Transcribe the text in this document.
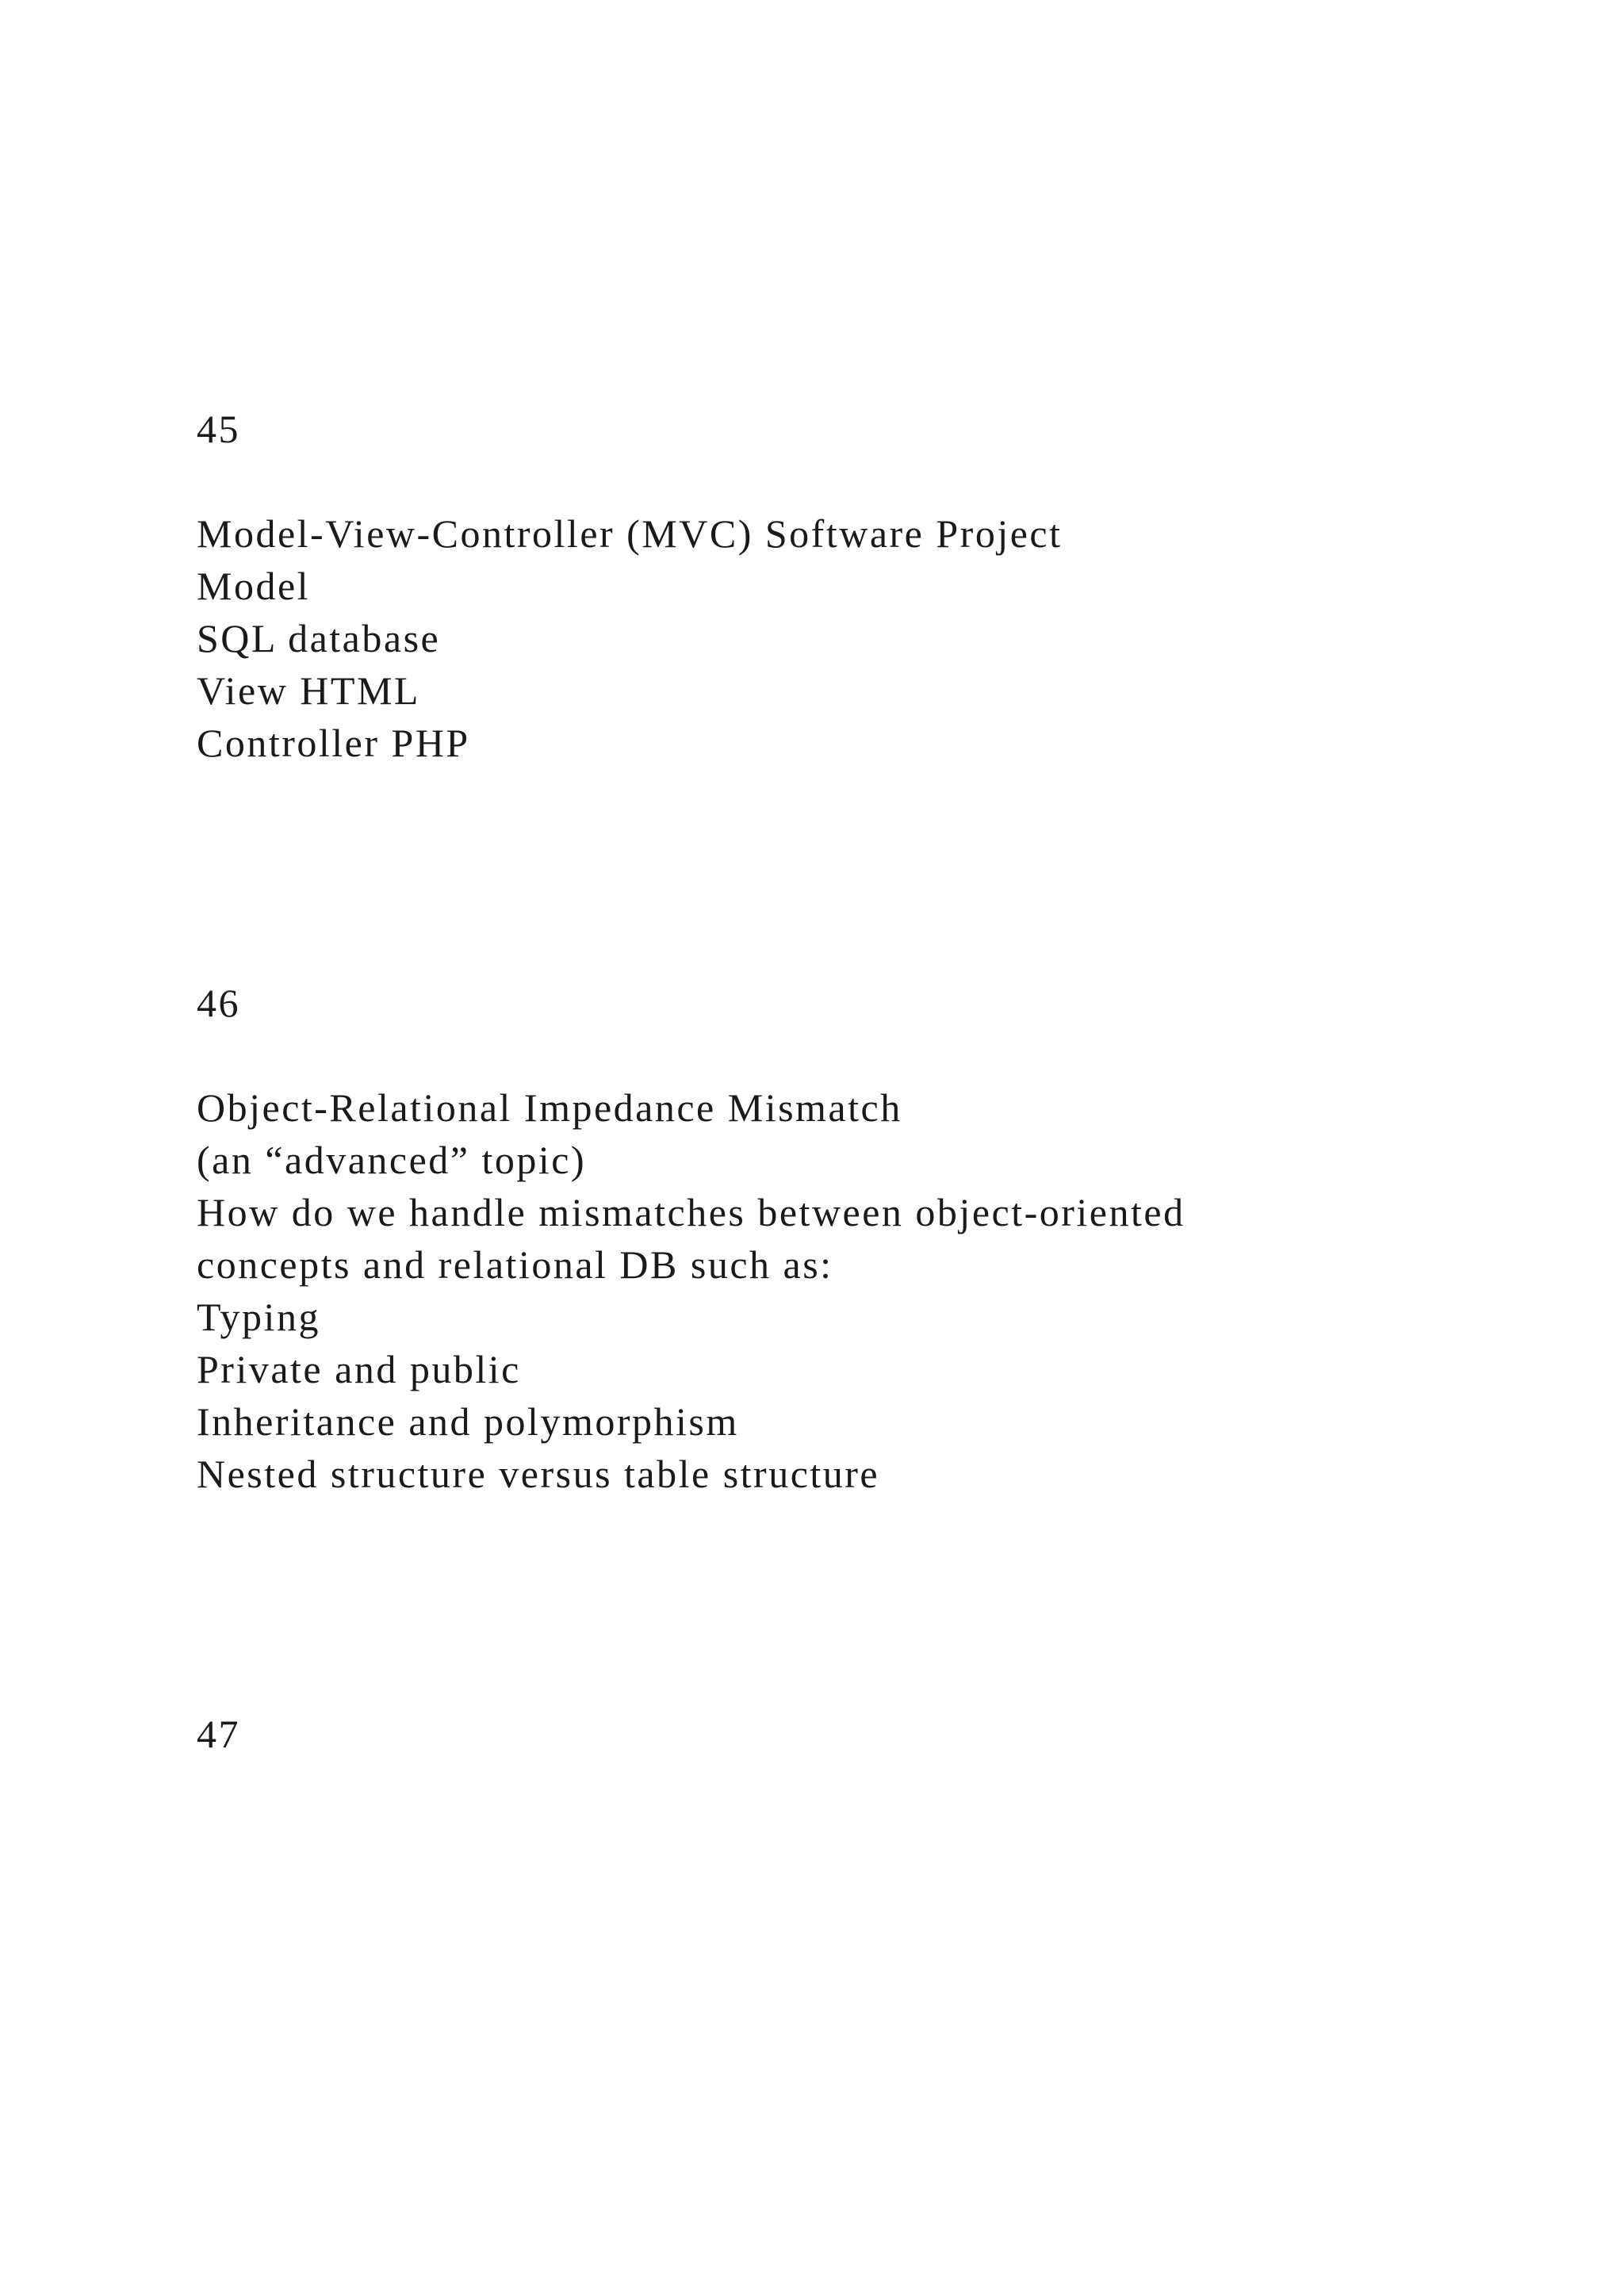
45
Model-View-Controller (MVC) Software Project
Model
SQL database
View HTML
Controller PHP
46
Object-Relational Impedance Mismatch
(an “advanced” topic)
How do we handle mismatches between object-oriented
concepts and relational DB such as:
Typing
Private and public
Inheritance and polymorphism
Nested structure versus table structure
47
